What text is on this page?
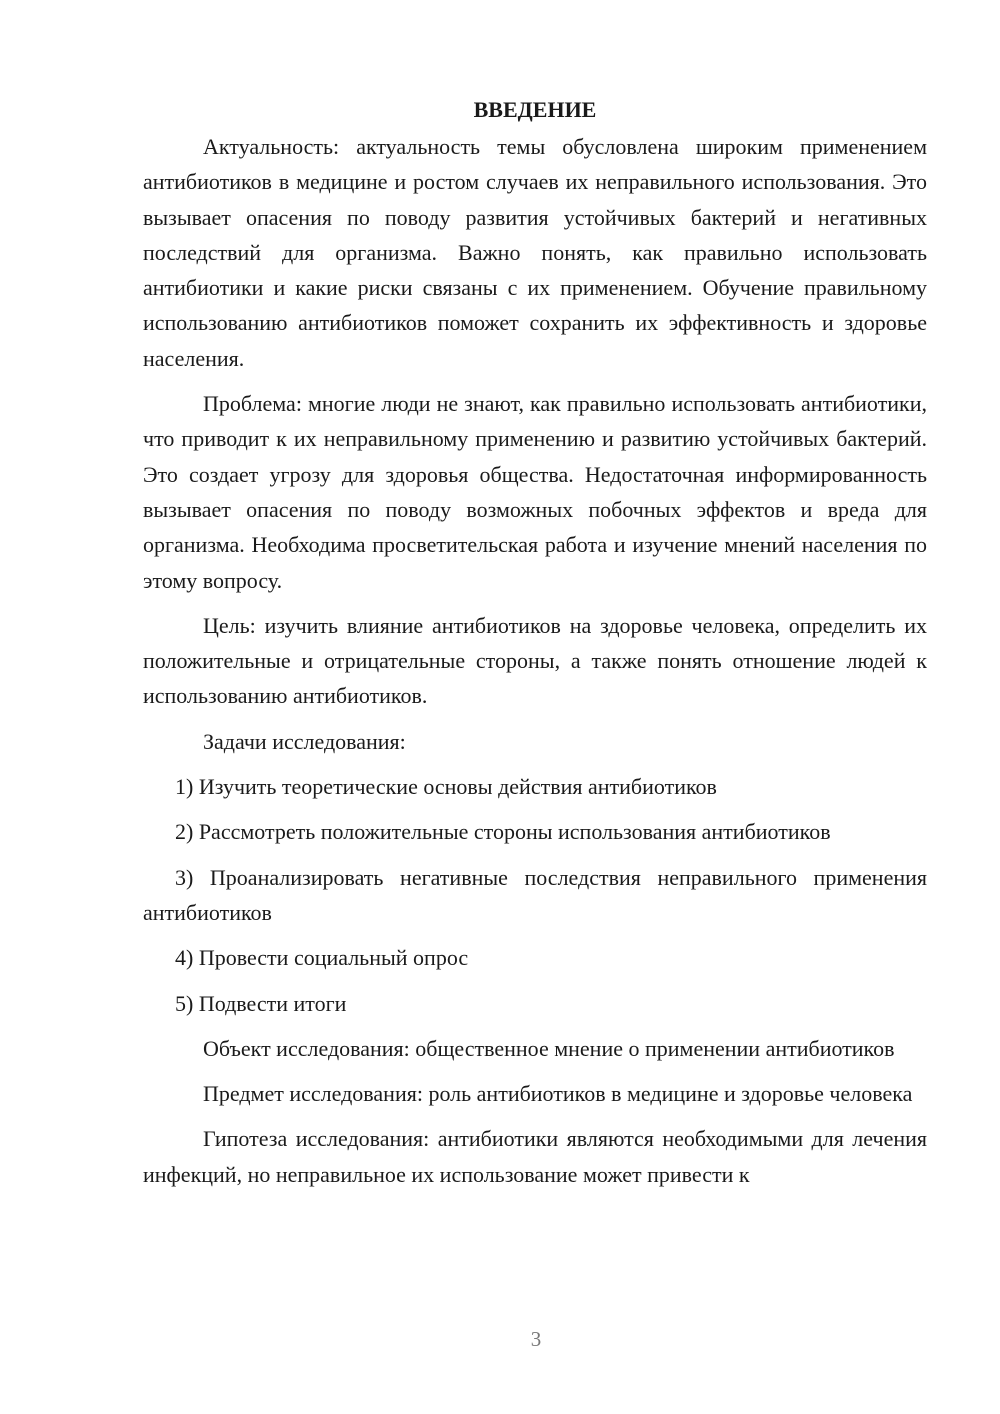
ВВЕДЕНИЕ

Актуальность: актуальность темы обусловлена широким применением антибиотиков в медицине и ростом случаев их неправильного использования. Это вызывает опасения по поводу развития устойчивых бактерий и негативных последствий для организма. Важно понять, как правильно использовать антибиотики и какие риски связаны с их применением. Обучение правильному использованию антибиотиков поможет сохранить их эффективность и здоровье населения.

Проблема: многие люди не знают, как правильно использовать антибиотики, что приводит к их неправильному применению и развитию устойчивых бактерий. Это создает угрозу для здоровья общества. Недостаточная информированность вызывает опасения по поводу возможных побочных эффектов и вреда для организма. Необходима просветительская работа и изучение мнений населения по этому вопросу.

Цель: изучить влияние антибиотиков на здоровье человека, определить их положительные и отрицательные стороны, а также понять отношение людей к использованию антибиотиков.

Задачи исследования:

1) Изучить теоретические основы действия антибиотиков

2) Рассмотреть положительные стороны использования антибиотиков

3) Проанализировать негативные последствия неправильного применения антибиотиков

4) Провести социальный опрос

5) Подвести итоги

Объект исследования: общественное мнение о применении антибиотиков

Предмет исследования: роль антибиотиков в медицине и здоровье человека

Гипотеза исследования: антибиотики являются необходимыми для лечения инфекций, но неправильное их использование может привести к

3
